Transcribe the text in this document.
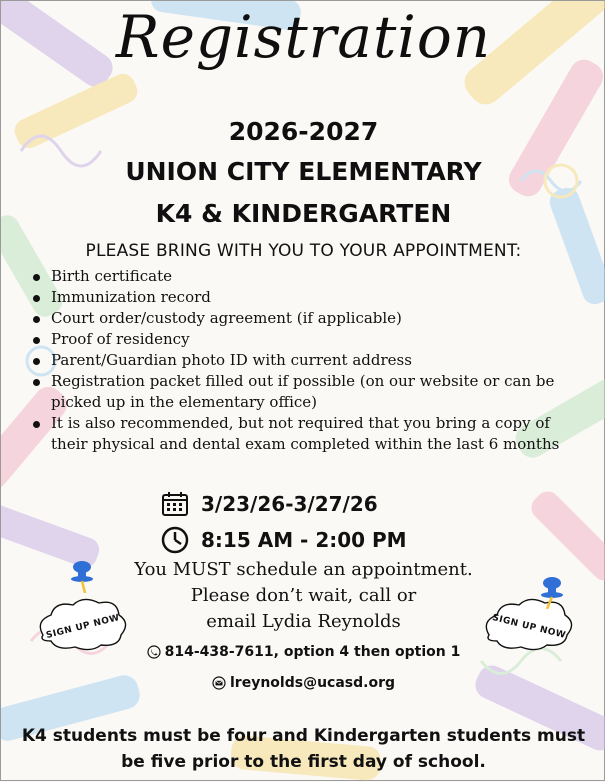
Registration
2026-2027
UNION CITY ELEMENTARY
K4 & KINDERGARTEN
PLEASE BRING WITH YOU TO YOUR APPOINTMENT:
Birth certificate
Immunization record
Court order/custody agreement (if applicable)
Proof of residency
Parent/Guardian photo ID with current address
Registration packet filled out if possible (on our website or can be picked up in the elementary office)
It is also recommended, but not required that you bring a copy of their physical and dental exam completed within the last 6 months
3/23/26-3/27/26
8:15 AM - 2:00 PM
You MUST schedule an appointment.
Please don’t wait, call or
email Lydia Reynolds
814-438-7611, option 4 then option 1
lreynolds@ucasd.org
SIGN UP NOW	SIGN UP NOW
K4 students must be four and Kindergarten students must
be five prior to the first day of school.
